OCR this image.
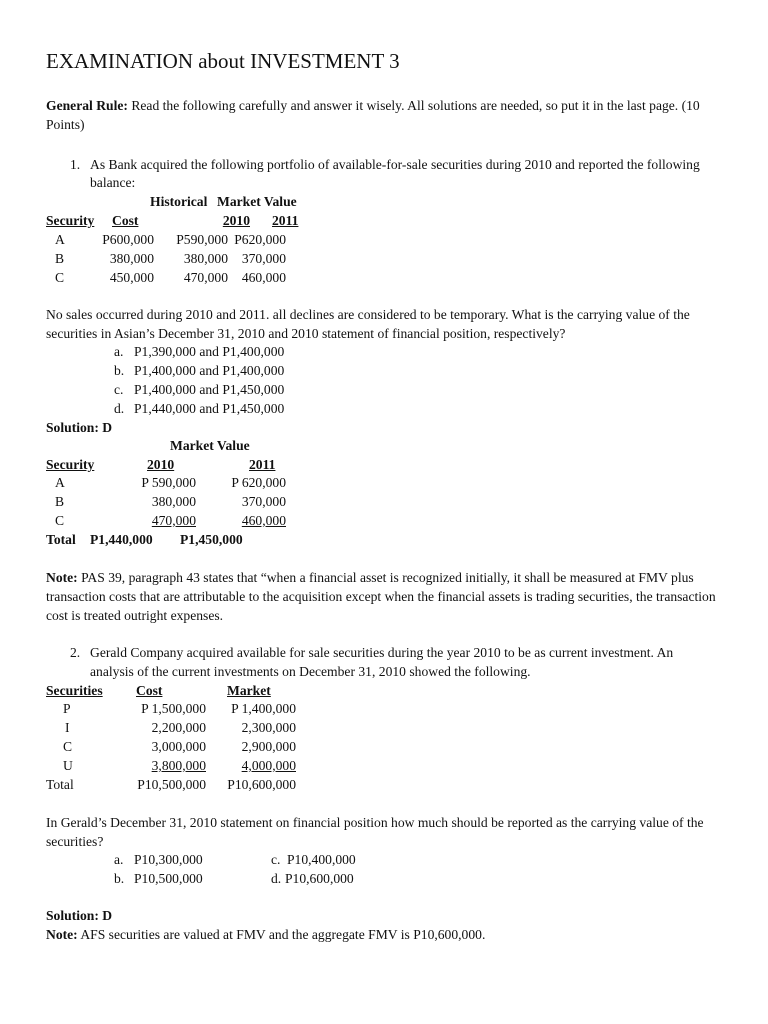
EXAMINATION about INVESTMENT 3
General Rule: Read the following carefully and answer it wisely. All solutions are needed, so put it in the last page. (10 Points)
1. As Bank acquired the following portfolio of available-for-sale securities during 2010 and reported the following
balance:
Historical Market Value
Security Cost	2010 2011
A	P600,000	P590,000 P620,000
B	380,000	380,000	370,000
C	450,000	470,000	460,000
No sales occurred during 2010 and 2011. all declines are considered to be temporary. What is the carrying value of the securities in Asian’s December 31, 2010 and 2010 statement of financial position, respectively?
a. P1,390,000 and P1,400,000
b. P1,400,000 and P1,400,000
c. P1,400,000 and P1,450,000
d. P1,440,000 and P1,450,000
Solution: D
Market Value
Security	2010	2011
A	P 590,000	P 620,000
B	380,000	370,000
C	470,000	460,000
Total P1,440,000 P1,450,000
Note: PAS 39, paragraph 43 states that “when a financial asset is recognized initially, it shall be measured at FMV plus transaction costs that are attributable to the acquisition except when the financial assets is trading securities, the transaction cost is treated outright expenses.
2. Gerald Company acquired available for sale securities during the year 2010 to be as current investment. An
analysis of the current investments on December 31, 2010 showed the following.
Securities Cost	Market
P	P 1,500,000	P 1,400,000
I	2,200,000	2,300,000
C	3,000,000	2,900,000
U	3,800,000	4,000,000
Total	P10,500,000	P10,600,000
In Gerald’s December 31, 2010 statement on financial position how much should be reported as the carrying value of the securities?
a. P10,300,000
b. P10,500,000
c. P10,400,000
d. P10,600,000
Solution: D
Note: AFS securities are valued at FMV and the aggregate FMV is P10,600,000.
